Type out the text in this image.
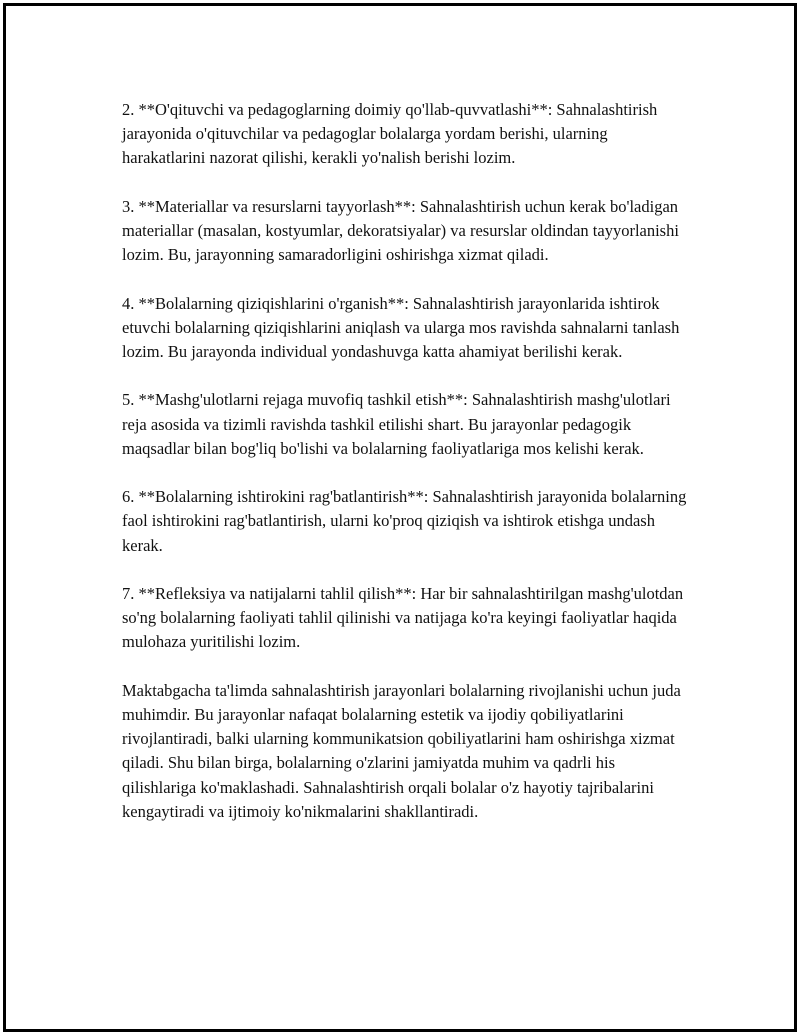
2. **O'qituvchi va pedagoglarning doimiy qo'llab-quvvatlashi**: Sahnalashtirish jarayonida o'qituvchilar va pedagoglar bolalarga yordam berishi, ularning harakatlarini nazorat qilishi, kerakli yo'nalish berishi lozim.

3. **Materiallar va resurslarni tayyorlash**: Sahnalashtirish uchun kerak bo'ladigan materiallar (masalan, kostyumlar, dekoratsiyalar) va resurslar oldindan tayyorlanishi lozim. Bu, jarayonning samaradorligini oshirishga xizmat qiladi.

4. **Bolalarning qiziqishlarini o'rganish**: Sahnalashtirish jarayonlarida ishtirok etuvchi bolalarning qiziqishlarini aniqlash va ularga mos ravishda sahnalarni tanlash lozim. Bu jarayonda individual yondashuvga katta ahamiyat berilishi kerak.

5. **Mashg'ulotlarni rejaga muvofiq tashkil etish**: Sahnalashtirish mashg'ulotlari reja asosida va tizimli ravishda tashkil etilishi shart. Bu jarayonlar pedagogik maqsadlar bilan bog'liq bo'lishi va bolalarning faoliyatlariga mos kelishi kerak.

6. **Bolalarning ishtirokini rag'batlantirish**: Sahnalashtirish jarayonida bolalarning faol ishtirokini rag'batlantirish, ularni ko'proq qiziqish va ishtirok etishga undash kerak.

7. **Refleksiya va natijalarni tahlil qilish**: Har bir sahnalashtirilgan mashg'ulotdan so'ng bolalarning faoliyati tahlil qilinishi va natijaga ko'ra keyingi faoliyatlar haqida mulohaza yuritilishi lozim.

Maktabgacha ta'limda sahnalashtirish jarayonlari bolalarning rivojlanishi uchun juda muhimdir. Bu jarayonlar nafaqat bolalarning estetik va ijodiy qobiliyatlarini rivojlantiradi, balki ularning kommunikatsion qobiliyatlarini ham oshirishga xizmat qiladi. Shu bilan birga, bolalarning o'zlarini jamiyatda muhim va qadrli his qilishlariga ko'maklashadi. Sahnalashtirish orqali bolalar o'z hayotiy tajribalarini kengaytiradi va ijtimoiy ko'nikmalarini shakllantiradi.
